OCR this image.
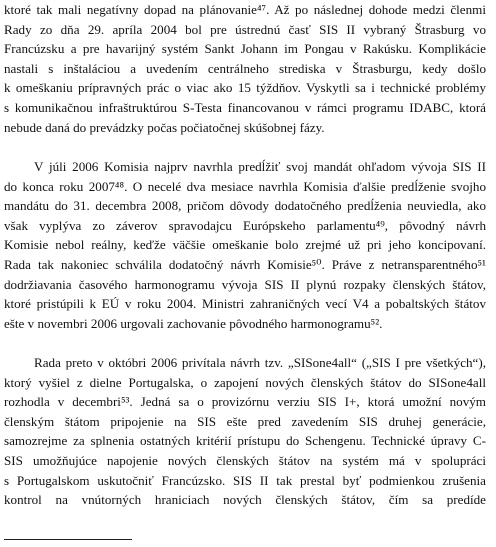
ktoré tak mali negatívny dopad na plánovanie⁴⁷. Až po následnej dohode medzi členmi
Rady zo dňa 29. apríla 2004 bol pre ústrednú časť SIS II vybraný Štrasburg vo
Francúzsku a pre havarijný systém Sankt Johann im Pongau v Rakúsku. Komplikácie
nastali s inštaláciou a uvedením centrálneho strediska v Štrasburgu, kedy došlo
k omeškaniu prípravných prác o viac ako 15 týždňov. Vyskytli sa i technické problémy
s komunikačnou infraštruktúrou S-Testa financovanou v rámci programu IDABC, ktorá
nebude daná do prevádzky počas počiatočnej skúšobnej fázy.
V júli 2006 Komisia najprv navrhla predĺžiť svoj mandát ohľadom vývoja SIS II
do konca roku 2007⁴⁸. O necelé dva mesiace navrhla Komisia ďalšie predĺženie svojho
mandátu do 31. decembra 2008, pričom dôvody dodatočného predĺženia neuviedla, ako
však vyplýva zo záverov spravodajcu Európskeho parlamentu⁴⁹, pôvodný návrh
Komisie nebol reálny, keďže väčšie omeškanie bolo zrejmé už pri jeho koncipovaní.
Rada tak nakoniec schválila dodatočný návrh Komisie⁵⁰. Práve z netransparentného⁵¹
dodržiavania časového harmonogramu vývoja SIS II plynú rozpaky členských štátov,
ktoré pristúpili k EÚ v roku 2004. Ministri zahraničných vecí V4 a pobaltských štátov
ešte v novembri 2006 urgovali zachovanie pôvodného harmonogramu⁵².
Rada preto v októbri 2006 privítala návrh tzv. „SISone4all“ („SIS I pre všetkých“),
ktorý vyšiel z dielne Portugalska, o zapojení nových členských štátov do SISone4all
rozhodla v decembri⁵³. Jedná sa o provizórnu verziu SIS I+, ktorá umožní novým
členským štátom pripojenie na SIS ešte pred zavedením SIS druhej generácie,
samozrejme za splnenia ostatných kritérií prístupu do Schengenu. Technické úpravy C-
SIS umožňujúce napojenie nových členských štátov na systém má v spolupráci
s Portugalskom uskutočniť Francúzsko. SIS II tak prestal byť podmienkou zrušenia
kontrol na vnútorných hraniciach nových členských štátov, čím sa predíde
